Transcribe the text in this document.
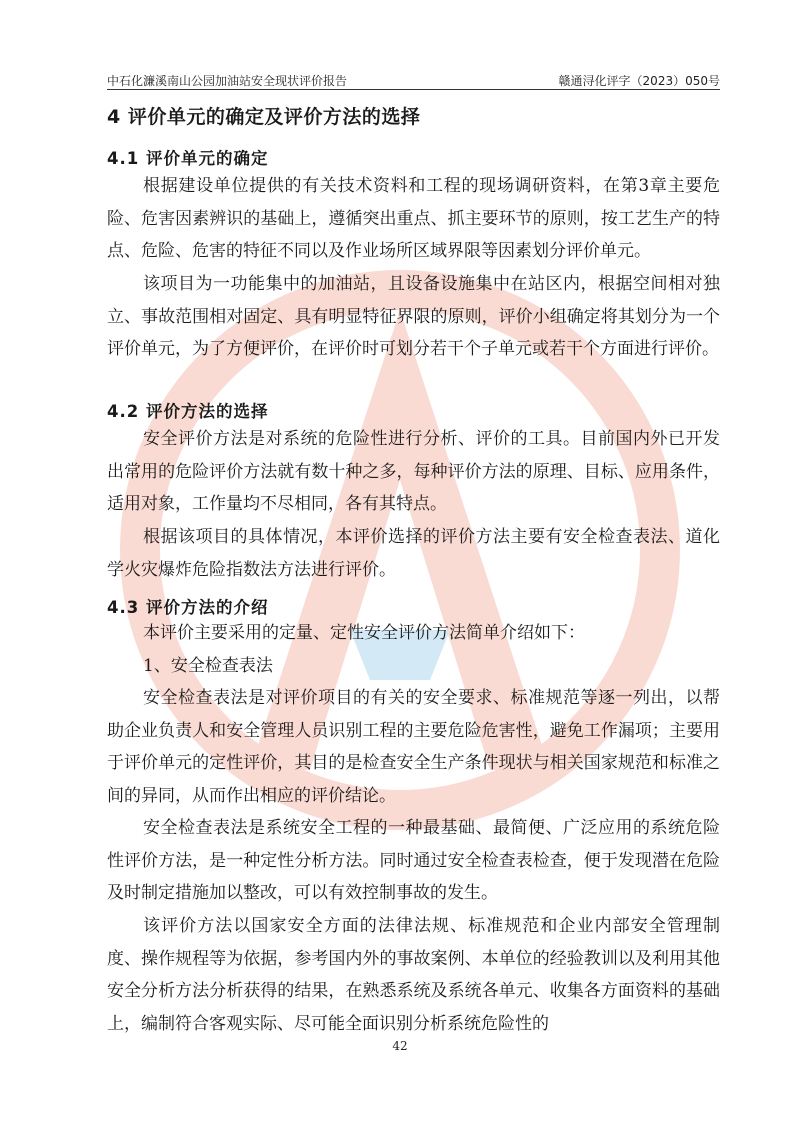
中石化濂溪南山公园加油站安全现状评价报告	赣通浔化评字（2023）050号
4 评价单元的确定及评价方法的选择
4.1 评价单元的确定

根据建设单位提供的有关技术资料和工程的现场调研资料，在第3章主要危险、危害因素辨识的基础上，遵循突出重点、抓主要环节的原则，按工艺生产的特点、危险、危害的特征不同以及作业场所区域界限等因素划分评价单元。

该项目为一功能集中的加油站，且设备设施集中在站区内，根据空间相对独立、事故范围相对固定、具有明显特征界限的原则，评价小组确定将其划分为一个评价单元，为了方便评价，在评价时可划分若干个子单元或若干个方面进行评价。

4.2 评价方法的选择

安全评价方法是对系统的危险性进行分析、评价的工具。目前国内外已开发出常用的危险评价方法就有数十种之多，每种评价方法的原理、目标、应用条件，适用对象，工作量均不尽相同，各有其特点。

根据该项目的具体情况，本评价选择的评价方法主要有安全检查表法、道化学火灾爆炸危险指数法方法进行评价。

4.3 评价方法的介绍

本评价主要采用的定量、定性安全评价方法简单介绍如下：

1、安全检查表法

安全检查表法是对评价项目的有关的安全要求、标准规范等逐一列出，以帮助企业负责人和安全管理人员识别工程的主要危险危害性，避免工作漏项；主要用于评价单元的定性评价，其目的是检查安全生产条件现状与相关国家规范和标准之间的异同，从而作出相应的评价结论。

安全检查表法是系统安全工程的一种最基础、最简便、广泛应用的系统危险性评价方法，是一种定性分析方法。同时通过安全检查表检查，便于发现潜在危险及时制定措施加以整改，可以有效控制事故的发生。

该评价方法以国家安全方面的法律法规、标准规范和企业内部安全管理制度、操作规程等为依据，参考国内外的事故案例、本单位的经验教训以及利用其他安全分析方法分析获得的结果，在熟悉系统及系统各单元、收集各方面资料的基础上，编制符合客观实际、尽可能全面识别分析系统危险性的

42
